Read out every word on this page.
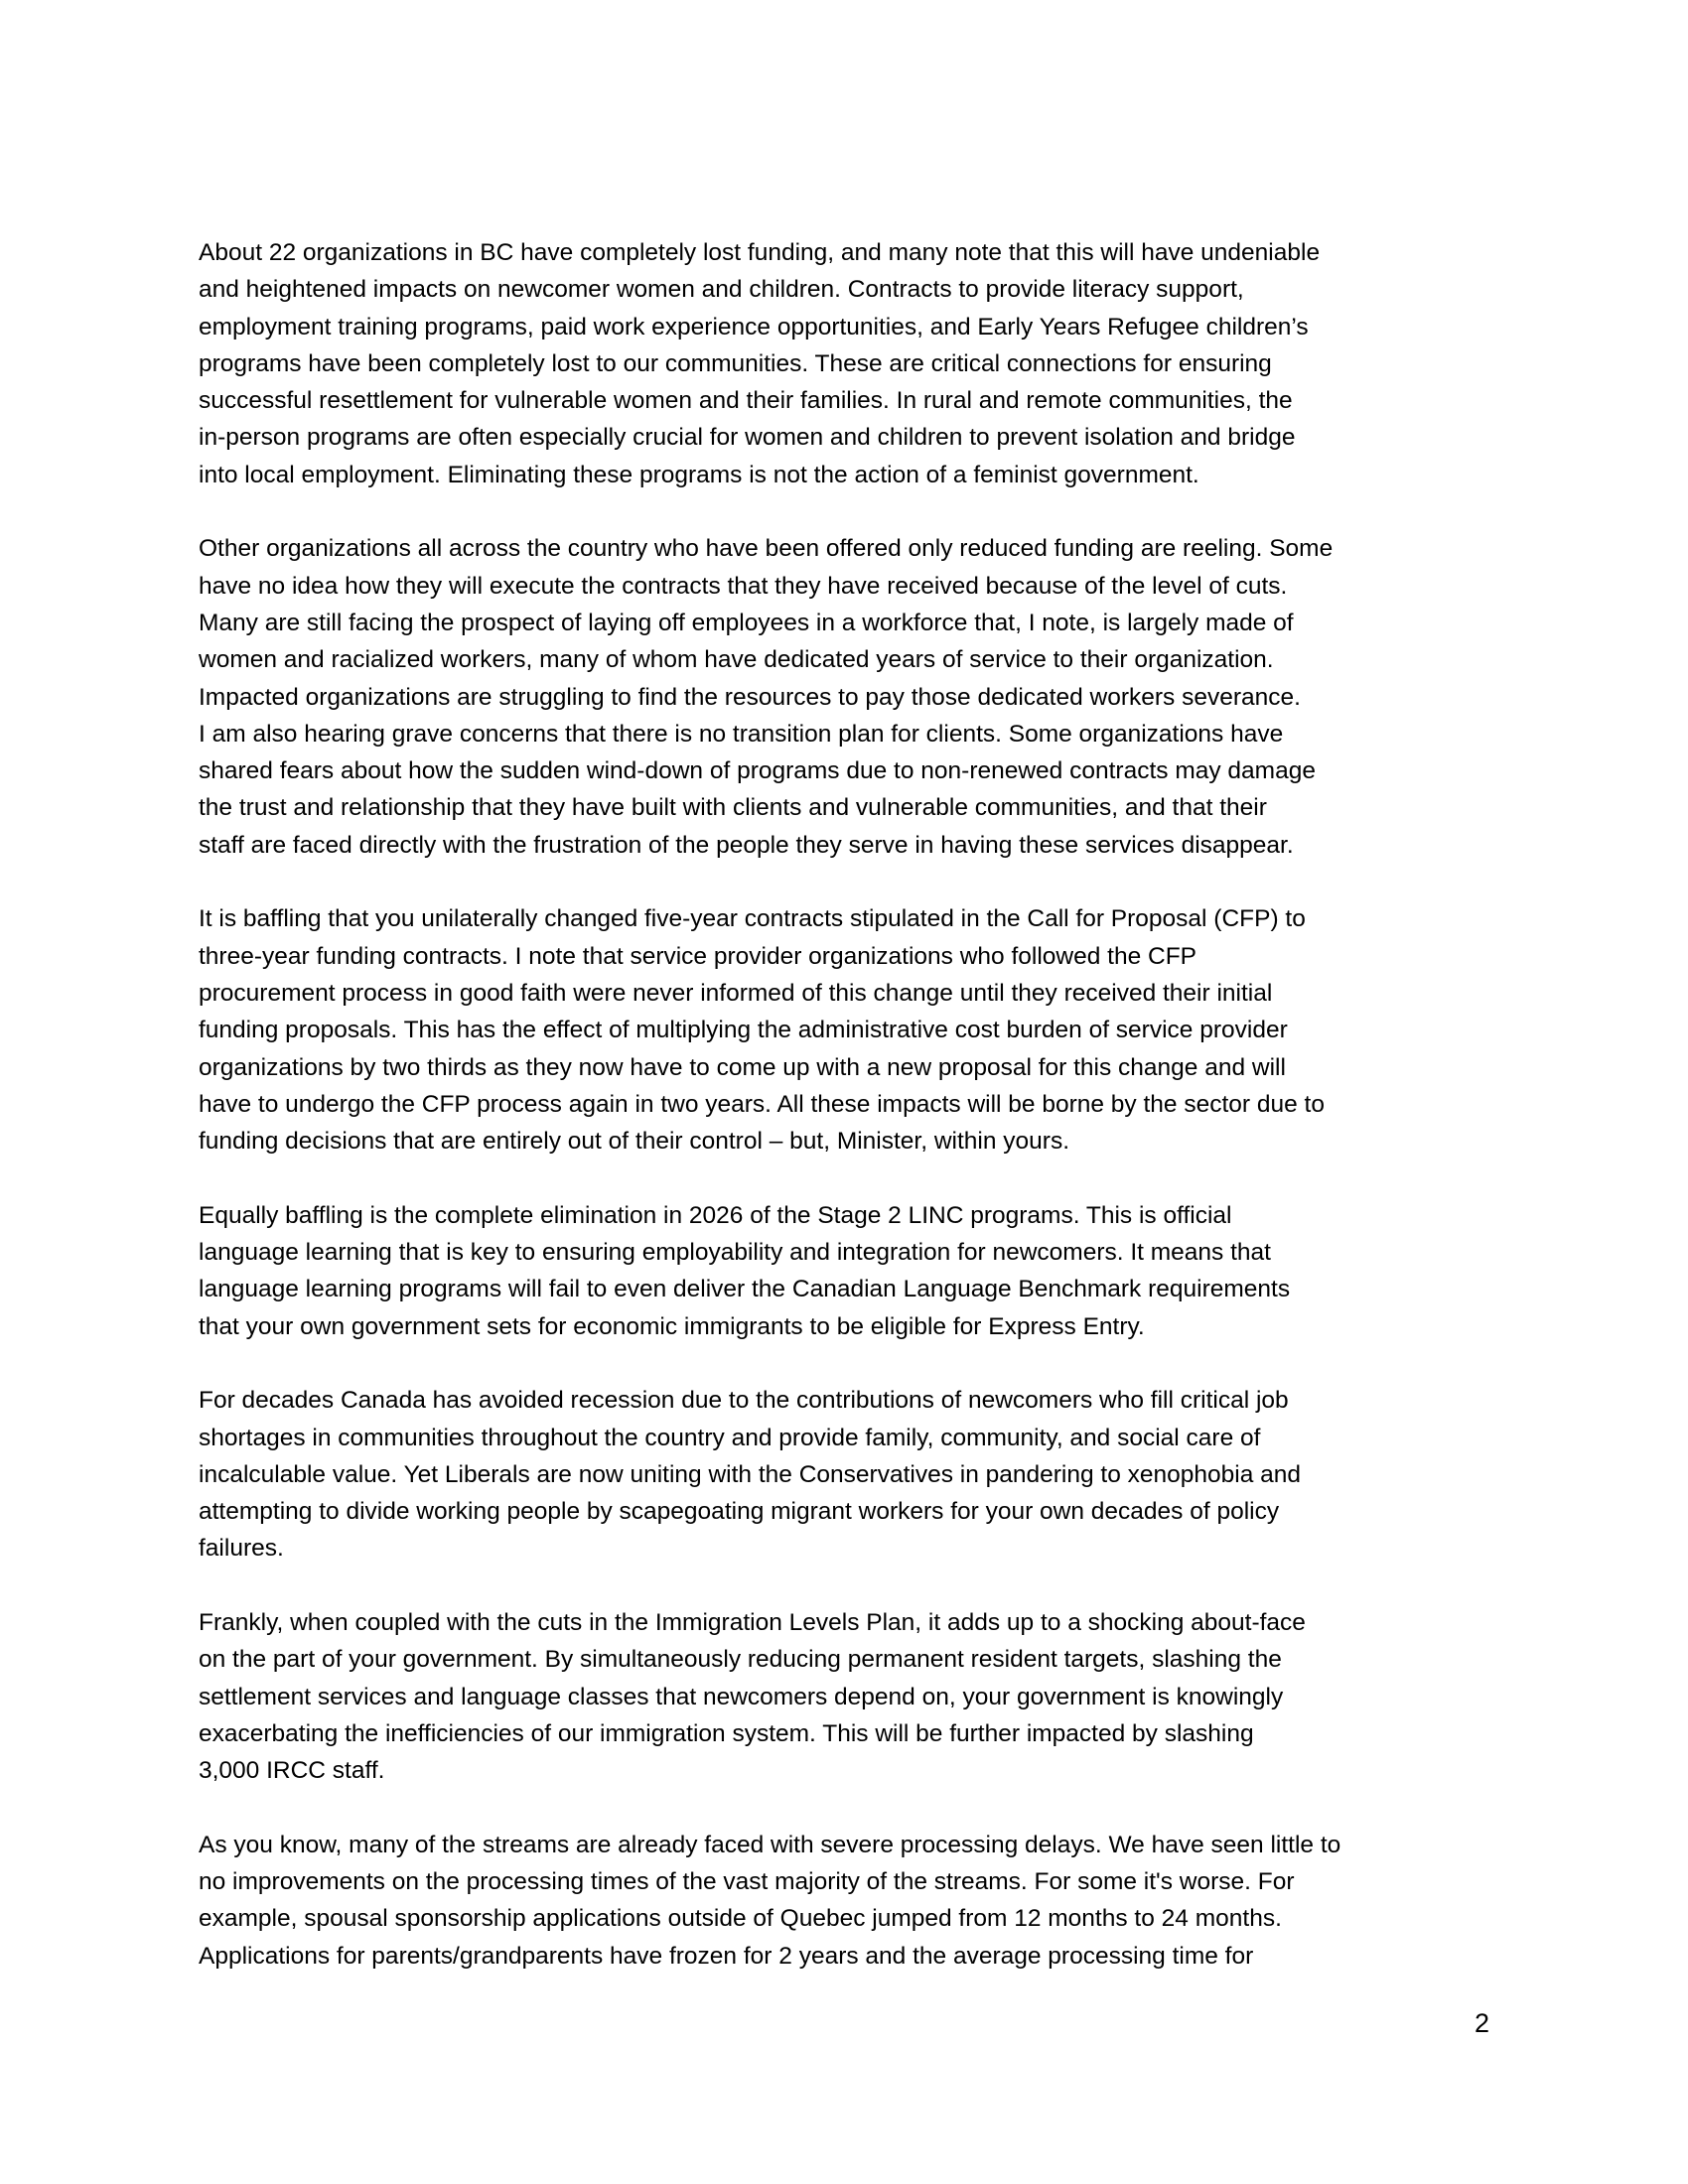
About 22 organizations in BC have completely lost funding, and many note that this will have undeniable
and heightened impacts on newcomer women and children. Contracts to provide literacy support,
employment training programs, paid work experience opportunities, and Early Years Refugee children’s
programs have been completely lost to our communities. These are critical connections for ensuring
successful resettlement for vulnerable women and their families. In rural and remote communities, the
in-person programs are often especially crucial for women and children to prevent isolation and bridge
into local employment. Eliminating these programs is not the action of a feminist government.

Other organizations all across the country who have been offered only reduced funding are reeling. Some
have no idea how they will execute the contracts that they have received because of the level of cuts.
Many are still facing the prospect of laying off employees in a workforce that, I note, is largely made of
women and racialized workers, many of whom have dedicated years of service to their organization.
Impacted organizations are struggling to find the resources to pay those dedicated workers severance.
I am also hearing grave concerns that there is no transition plan for clients. Some organizations have
shared fears about how the sudden wind-down of programs due to non-renewed contracts may damage
the trust and relationship that they have built with clients and vulnerable communities, and that their
staff are faced directly with the frustration of the people they serve in having these services disappear.

It is baffling that you unilaterally changed five-year contracts stipulated in the Call for Proposal (CFP) to
three-year funding contracts. I note that service provider organizations who followed the CFP
procurement process in good faith were never informed of this change until they received their initial
funding proposals. This has the effect of multiplying the administrative cost burden of service provider
organizations by two thirds as they now have to come up with a new proposal for this change and will
have to undergo the CFP process again in two years. All these impacts will be borne by the sector due to
funding decisions that are entirely out of their control – but, Minister, within yours.

Equally baffling is the complete elimination in 2026 of the Stage 2 LINC programs. This is official
language learning that is key to ensuring employability and integration for newcomers. It means that
language learning programs will fail to even deliver the Canadian Language Benchmark requirements
that your own government sets for economic immigrants to be eligible for Express Entry.

For decades Canada has avoided recession due to the contributions of newcomers who fill critical job
shortages in communities throughout the country and provide family, community, and social care of
incalculable value. Yet Liberals are now uniting with the Conservatives in pandering to xenophobia and
attempting to divide working people by scapegoating migrant workers for your own decades of policy
failures.

Frankly, when coupled with the cuts in the Immigration Levels Plan, it adds up to a shocking about-face
on the part of your government. By simultaneously reducing permanent resident targets, slashing the
settlement services and language classes that newcomers depend on, your government is knowingly
exacerbating the inefficiencies of our immigration system. This will be further impacted by slashing
3,000 IRCC staff.

As you know, many of the streams are already faced with severe processing delays. We have seen little to
no improvements on the processing times of the vast majority of the streams. For some it's worse. For
example, spousal sponsorship applications outside of Quebec jumped from 12 months to 24 months.
Applications for parents/grandparents have frozen for 2 years and the average processing time for

2
